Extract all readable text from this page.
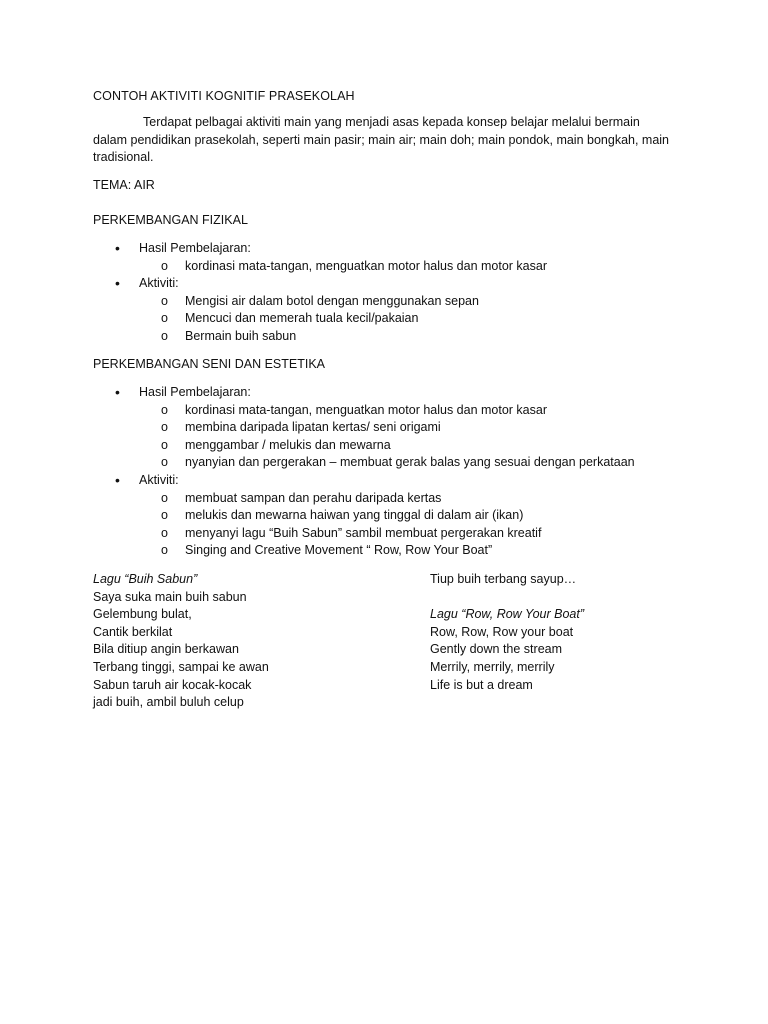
CONTOH AKTIVITI KOGNITIF PRASEKOLAH
Terdapat pelbagai aktiviti main yang menjadi asas kepada konsep belajar melalui bermain dalam pendidikan prasekolah, seperti main pasir; main air; main doh; main pondok, main bongkah, main tradisional.
TEMA: AIR
PERKEMBANGAN FIZIKAL
• Hasil Pembelajaran:
o kordinasi mata-tangan, menguatkan motor halus dan motor kasar
• Aktiviti:
o Mengisi air dalam botol dengan menggunakan sepan
o Mencuci dan memerah tuala kecil/pakaian
o Bermain buih sabun
PERKEMBANGAN SENI DAN ESTETIKA
• Hasil Pembelajaran:
o kordinasi mata-tangan, menguatkan motor halus dan motor kasar
o membina daripada lipatan kertas/ seni origami
o menggambar / melukis dan mewarna
o nyanyian dan pergerakan – membuat gerak balas yang sesuai dengan perkataan
• Aktiviti:
o membuat sampan dan perahu daripada kertas
o melukis dan mewarna haiwan yang tinggal di dalam air (ikan)
o menyanyi lagu “Buih Sabun” sambil membuat pergerakan kreatif
o Singing and Creative Movement “ Row, Row Your Boat”
Lagu “Buih Sabun”
Saya suka main buih sabun
Gelembung bulat,
Cantik berkilat
Bila ditiup angin berkawan
Terbang tinggi, sampai ke awan
Sabun taruh air kocak-kocak
jadi buih, ambil buluh celup
Tiup buih terbang sayup…
Lagu “Row, Row Your Boat”
Row, Row, Row your boat
Gently down the stream
Merrily, merrily, merrily
Life is but a dream
